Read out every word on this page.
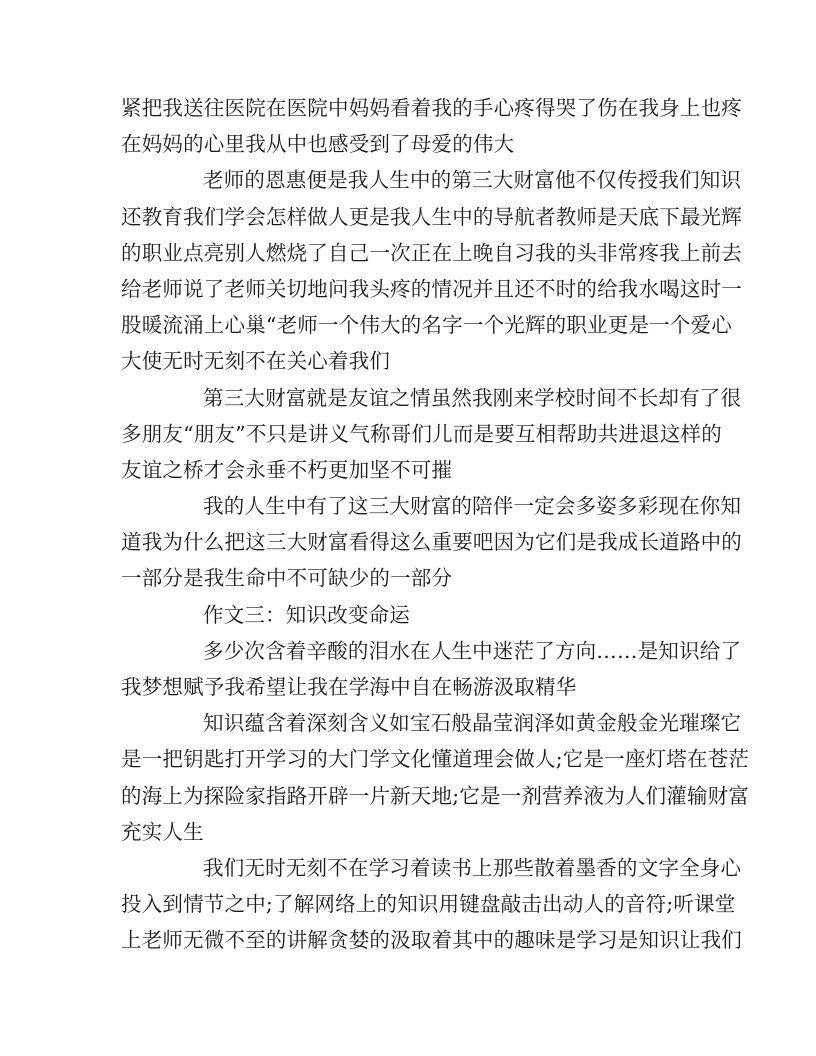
紧把我送往医院在医院中妈妈看着我的手心疼得哭了伤在我身上也疼
在妈妈的心里我从中也感受到了母爱的伟大
老师的恩惠便是我人生中的第三大财富他不仅传授我们知识
还教育我们学会怎样做人更是我人生中的导航者教师是天底下最光辉
的职业点亮别人燃烧了自己一次正在上晚自习我的头非常疼我上前去
给老师说了老师关切地问我头疼的情况并且还不时的给我水喝这时一
股暖流涌上心巢“老师一个伟大的名字一个光辉的职业更是一个爱心
大使无时无刻不在关心着我们
第三大财富就是友谊之情虽然我刚来学校时间不长却有了很
多朋友“朋友”不只是讲义气称哥们儿而是要互相帮助共进退这样的
友谊之桥才会永垂不朽更加坚不可摧
我的人生中有了这三大财富的陪伴一定会多姿多彩现在你知
道我为什么把这三大财富看得这么重要吧因为它们是我成长道路中的
一部分是我生命中不可缺少的一部分
作文三：知识改变命运
多少次含着辛酸的泪水在人生中迷茫了方向……是知识给了
我梦想赋予我希望让我在学海中自在畅游汲取精华
知识蕴含着深刻含义如宝石般晶莹润泽如黄金般金光璀璨它
是一把钥匙打开学习的大门学文化懂道理会做人;它是一座灯塔在苍茫
的海上为探险家指路开辟一片新天地;它是一剂营养液为人们灌输财富
充实人生
我们无时无刻不在学习着读书上那些散着墨香的文字全身心
投入到情节之中;了解网络上的知识用键盘敲击出动人的音符;听课堂
上老师无微不至的讲解贪婪的汲取着其中的趣味是学习是知识让我们
